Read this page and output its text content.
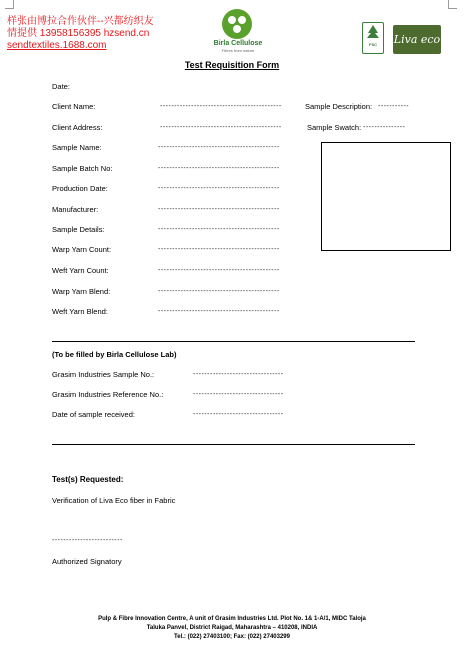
样张由博拉合作伙伴--兴都纺织友
情提供 13958156395 hzsend.cn
sendtextiles.1688.com	Birla Cellulose
Fibres from nature
FSC	Liva eco
Test Requisition Form
Date:
Client Name:	-------------------------------------------	Sample Description: -----------
Client Address:	-------------------------------------------	Sample Swatch: ---------------
Sample Name:	-------------------------------------------
Sample Batch No:	-------------------------------------------
Production Date:	-------------------------------------------
Manufacturer:	-------------------------------------------
Sample Details:	-------------------------------------------
Warp Yarn Count:	-------------------------------------------
Weft Yarn Count:	-------------------------------------------
Warp Yarn Blend:	-------------------------------------------
Weft Yarn Blend:	-------------------------------------------
(To be filled by Birla Cellulose Lab)
Grasim Industries Sample No.:	--------------------------------
Grasim Industries Reference No.:	--------------------------------
Date of sample received:	--------------------------------
Test(s) Requested:
Verification of Liva Eco fiber in Fabric
-------------------------
Authorized Signatory
Pulp & Fibre Innovation Centre, A unit of Grasim Industries Ltd. Plot No. 1& 1-A/1, MIDC Taloja
Taluka Panvel, District Raigad, Maharashtra – 410208, INDIA
Tel.: (022) 27403100; Fax: (022) 27403299
